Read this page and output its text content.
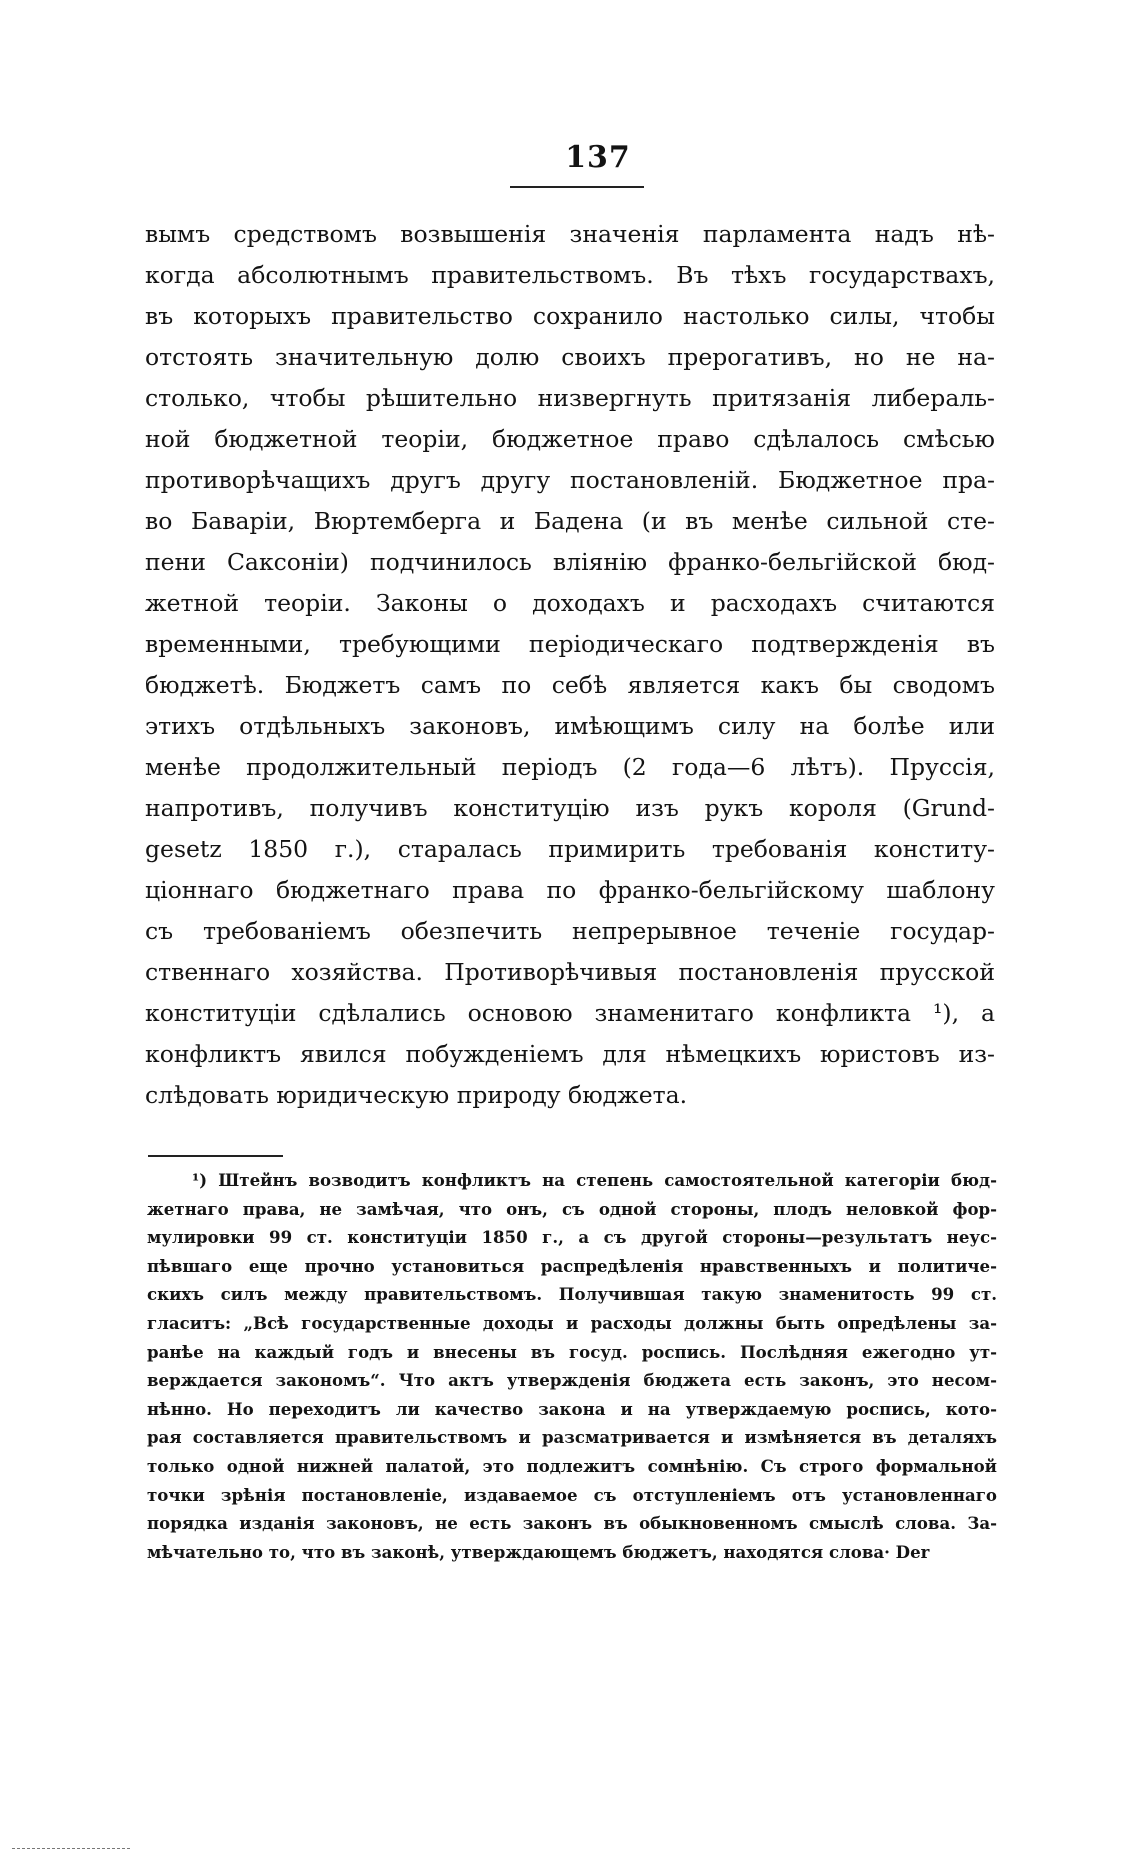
137
вымъ средствомъ возвышенія значенія парламента надъ нѣ-
когда абсолютнымъ правительствомъ. Въ тѣхъ государствахъ,
въ которыхъ правительство сохранило настолько силы, чтобы
отстоять значительную долю своихъ прерогативъ, но не на-
столько, чтобы рѣшительно низвергнуть притязанія либераль-
ной бюджетной теоріи, бюджетное право сдѣлалось смѣсью
противорѣчащихъ другъ другу постановленій. Бюджетное пра-
во Баваріи, Вюртемберга и Бадена (и въ менѣе сильной сте-
пени Саксоніи) подчинилось вліянію франко-бельгійской бюд-
жетной теоріи. Законы о доходахъ и расходахъ считаются
временными, требующими періодическаго подтвержденія въ
бюджетѣ. Бюджетъ самъ по себѣ является какъ бы сводомъ
этихъ отдѣльныхъ законовъ, имѣющимъ силу на болѣе или
менѣе продолжительный періодъ (2 года—6 лѣтъ). Пруссія,
напротивъ, получивъ конституцію изъ рукъ короля (Grund-
gesetz 1850 г.), старалась примирить требованія конститу-
ціоннаго бюджетнаго права по франко-бельгійскому шаблону
съ требованіемъ обезпечить непрерывное теченіе государ-
ственнаго хозяйства. Противорѣчивыя постановленія прусской
конституціи сдѣлались основою знаменитаго конфликта ¹), а
конфликтъ явился побужденіемъ для нѣмецкихъ юристовъ из-
слѣдовать юридическую природу бюджета.
¹) Штейнъ возводитъ конфликтъ на степень самостоятельной категоріи бюд-
жетнаго права, не замѣчая, что онъ, съ одной стороны, плодъ неловкой фор-
мулировки 99 ст. конституціи 1850 г., а съ другой стороны—результатъ неус-
пѣвшаго еще прочно установиться распредѣленія нравственныхъ и политиче-
скихъ силъ между правительствомъ. Получившая такую знаменитость 99 ст.
гласитъ: „Всѣ государственные доходы и расходы должны быть опредѣлены за-
ранѣе на каждый годъ и внесены въ госуд. роспись. Послѣдняя ежегодно ут-
верждается закономъ“. Что актъ утвержденія бюджета есть законъ, это несом-
нѣнно. Но переходитъ ли качество закона и на утверждаемую роспись, кото-
рая составляется правительствомъ и разсматривается и измѣняется въ деталяхъ
только одной нижней палатой, это подлежитъ сомнѣнію. Съ строго формальной
точки зрѣнія постановленіе, издаваемое съ отступленіемъ отъ установленнаго
порядка изданія законовъ, не есть законъ въ обыкновенномъ смыслѣ слова. За-
мѣчательно то, что въ законѣ, утверждающемъ бюджетъ, находятся слова· Der
